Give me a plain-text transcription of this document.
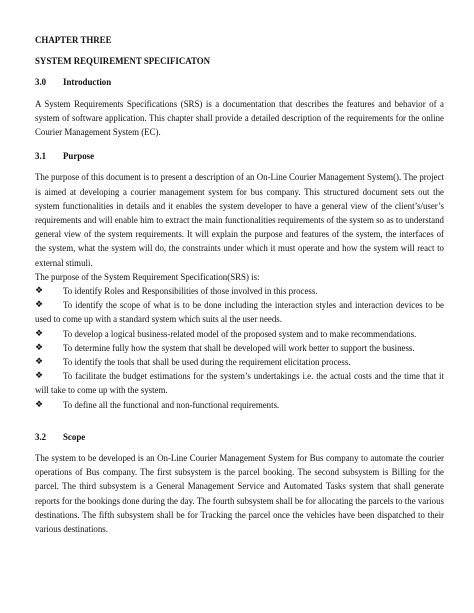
CHAPTER THREE

SYSTEM REQUIREMENT SPECIFICATON

3.0	Introduction

A System Requirements Specifications (SRS) is a documentation that describes the features and behavior of a system of software application. This chapter shall provide a detailed description of the requirements for the online Courier Management System (EC).

3.1	Purpose

The purpose of this document is to present a description of an On-Line Courier Management System(). The project is aimed at developing a courier management system for bus company. This structured document sets out the system functionalities in details and it enables the system developer to have a general view of the client’s/user’s requirements and will enable him to extract the main functionalities requirements of the system so as to understand general view of the system requirements. It will explain the purpose and features of the system, the interfaces of the system, what the system will do, the constraints under which it must operate and how the system will react to external stimuli.

The purpose of the System Requirement Specification(SRS) is:

❖	To identify Roles and Responsibilities of those involved in this process.
❖	To identify the scope of what is to be done including the interaction styles and interaction devices to be used to come up with a standard system which suits al the user needs.
❖	To develop a logical business-related model of the proposed system and to make recommendations.
❖	To determine fully how the system that shall be developed will work better to support the business.
❖	To identify the tools that shall be used during the requirement elicitation process.
❖	To facilitate the budget estimations for the system’s undertakings i.e. the actual costs and the time that it will take to come up with the system.
❖	To define all the functional and non-functional requirements.
3.2	Scope

The system to be developed is an On-Line Courier Management System for Bus company to automate the courier operations of Bus company. The first subsystem is the parcel booking. The second subsystem is Billing for the parcel. The third subsystem is a General Management Service and Automated Tasks system that shall generate reports for the bookings done during the day. The fourth subsystem shall be for allocating the parcels to the various destinations. The fifth subsystem shall be for Tracking the parcel once the vehicles have been dispatched to their various destinations.
